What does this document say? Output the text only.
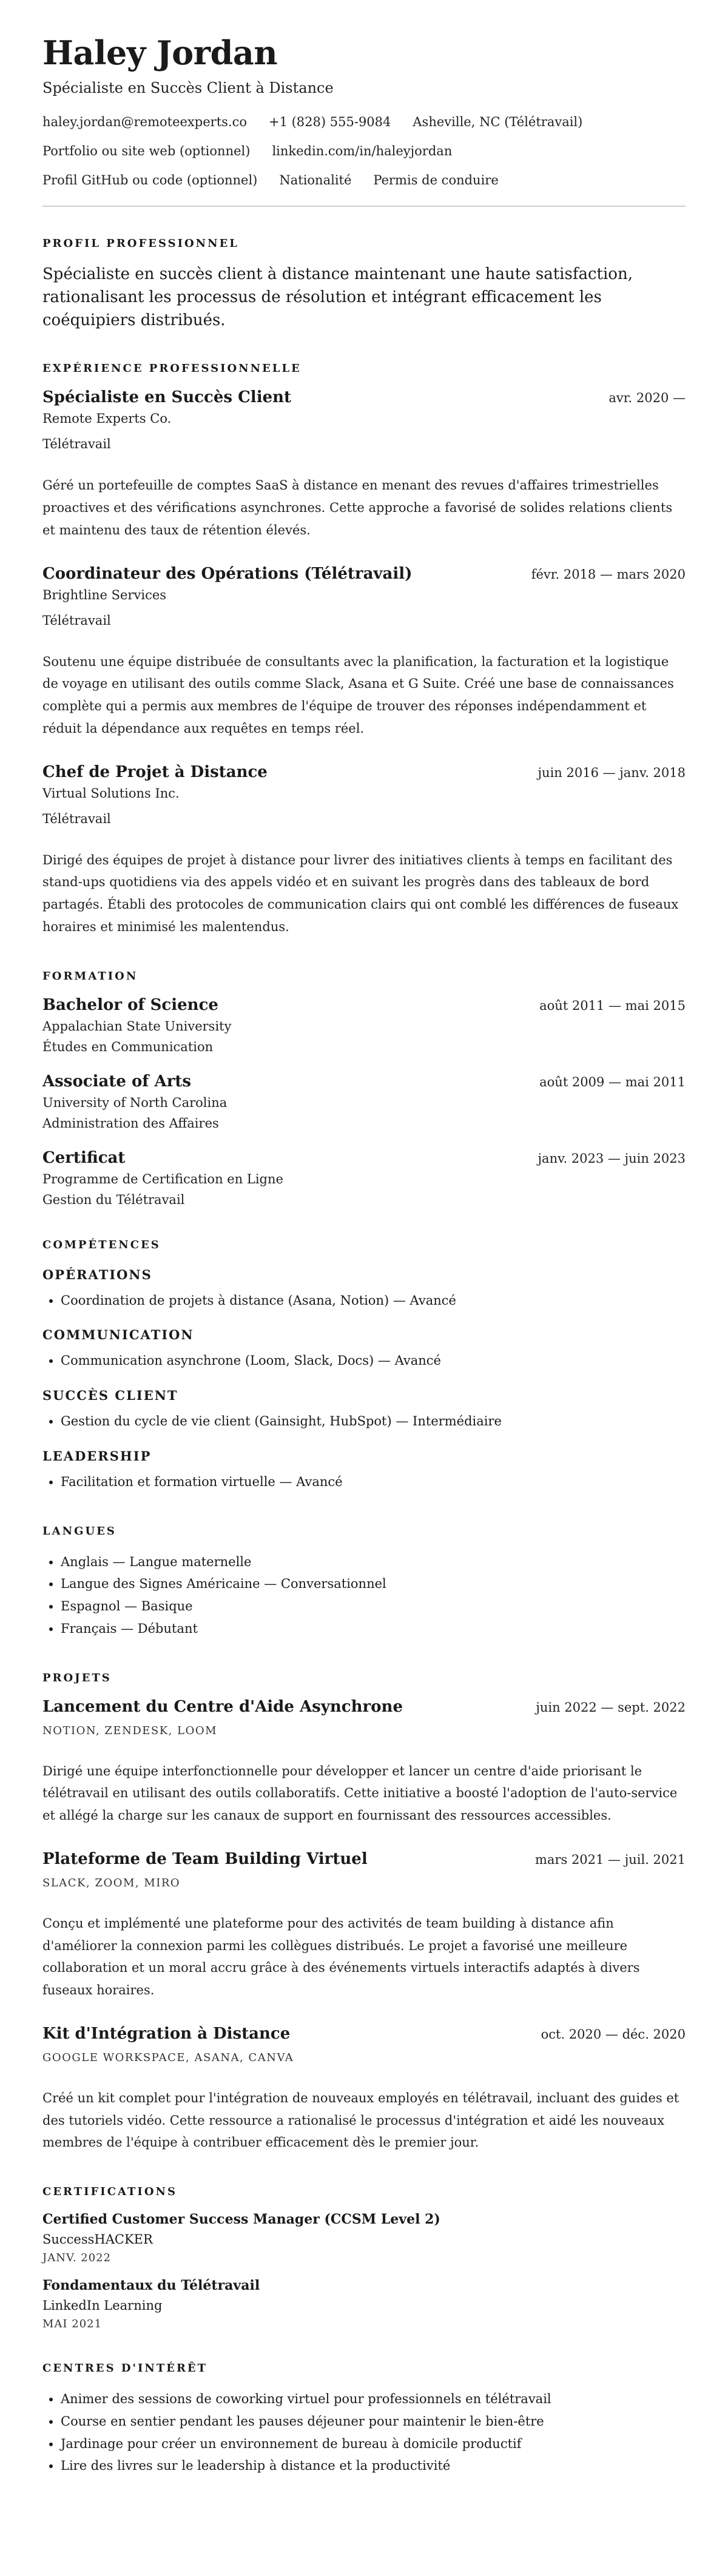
Haley Jordan
Spécialiste en Succès Client à Distance
haley.jordan@remoteexperts.co +1 (828) 555-9084 Asheville, NC (Télétravail)
Portfolio ou site web (optionnel) linkedin.com/in/haleyjordan
Profil GitHub ou code (optionnel) Nationalité Permis de conduire
PROFIL PROFESSIONNEL
Spécialiste en succès client à distance maintenant une haute satisfaction, rationalisant les processus de résolution et intégrant efficacement les coéquipiers distribués.
EXPÉRIENCE PROFESSIONNELLE
Spécialiste en Succès Client	avr. 2020 —
Remote Experts Co.
Télétravail
Géré un portefeuille de comptes SaaS à distance en menant des revues d'affaires trimestrielles proactives et des vérifications asynchrones. Cette approche a favorisé de solides relations clients et maintenu des taux de rétention élevés.
Coordinateur des Opérations (Télétravail)	févr. 2018 — mars 2020
Brightline Services
Télétravail
Soutenu une équipe distribuée de consultants avec la planification, la facturation et la logistique de voyage en utilisant des outils comme Slack, Asana et G Suite. Créé une base de connaissances complète qui a permis aux membres de l'équipe de trouver des réponses indépendamment et réduit la dépendance aux requêtes en temps réel.
Chef de Projet à Distance	juin 2016 — janv. 2018
Virtual Solutions Inc.
Télétravail
Dirigé des équipes de projet à distance pour livrer des initiatives clients à temps en facilitant des stand-ups quotidiens via des appels vidéo et en suivant les progrès dans des tableaux de bord partagés. Établi des protocoles de communication clairs qui ont comblé les différences de fuseaux horaires et minimisé les malentendus.
FORMATION
Bachelor of Science	août 2011 — mai 2015
Appalachian State University
Études en Communication
Associate of Arts	août 2009 — mai 2011
University of North Carolina
Administration des Affaires
Certificat	janv. 2023 — juin 2023
Programme de Certification en Ligne
Gestion du Télétravail
COMPÉTENCES
OPÉRATIONS
• Coordination de projets à distance (Asana, Notion) — Avancé
COMMUNICATION
• Communication asynchrone (Loom, Slack, Docs) — Avancé
SUCCÈS CLIENT
• Gestion du cycle de vie client (Gainsight, HubSpot) — Intermédiaire
LEADERSHIP
• Facilitation et formation virtuelle — Avancé
LANGUES
• Anglais — Langue maternelle
• Langue des Signes Américaine — Conversationnel
• Espagnol — Basique
• Français — Débutant
PROJETS
Lancement du Centre d'Aide Asynchrone	juin 2022 — sept. 2022
NOTION, ZENDESK, LOOM
Dirigé une équipe interfonctionnelle pour développer et lancer un centre d'aide priorisant le télétravail en utilisant des outils collaboratifs. Cette initiative a boosté l'adoption de l'auto-service et allégé la charge sur les canaux de support en fournissant des ressources accessibles.
Plateforme de Team Building Virtuel	mars 2021 — juil. 2021
SLACK, ZOOM, MIRO
Conçu et implémenté une plateforme pour des activités de team building à distance afin d'améliorer la connexion parmi les collègues distribués. Le projet a favorisé une meilleure collaboration et un moral accru grâce à des événements virtuels interactifs adaptés à divers fuseaux horaires.
Kit d'Intégration à Distance	oct. 2020 — déc. 2020
GOOGLE WORKSPACE, ASANA, CANVA
Créé un kit complet pour l'intégration de nouveaux employés en télétravail, incluant des guides et des tutoriels vidéo. Cette ressource a rationalisé le processus d'intégration et aidé les nouveaux membres de l'équipe à contribuer efficacement dès le premier jour.
CERTIFICATIONS
Certified Customer Success Manager (CCSM Level 2)
SuccessHACKER
JANV. 2022
Fondamentaux du Télétravail
LinkedIn Learning
MAI 2021
CENTRES D'INTÉRÊT
• Animer des sessions de coworking virtuel pour professionnels en télétravail
• Course en sentier pendant les pauses déjeuner pour maintenir le bien-être
• Jardinage pour créer un environnement de bureau à domicile productif
• Lire des livres sur le leadership à distance et la productivité
